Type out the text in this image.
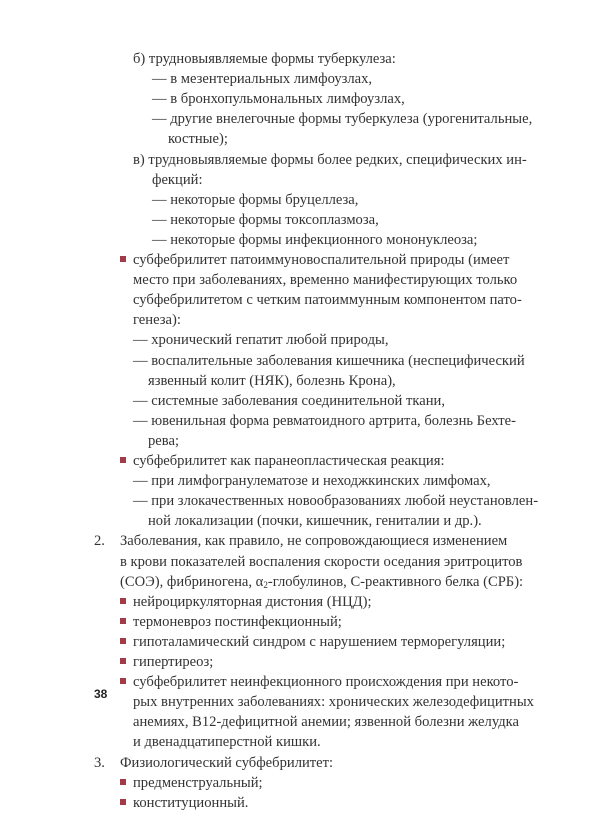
б) трудновыявляемые формы туберкулеза:
— в мезентериальных лимфоузлах,
— в бронхопульмональных лимфоузлах,
— другие внелегочные формы туберкулеза (урогенитальные,
костные);
в) трудновыявляемые формы более редких, специфических ин-
фекций:
— некоторые формы бруцеллеза,
— некоторые формы токсоплазмоза,
— некоторые формы инфекционного мононуклеоза;
субфебрилитет патоиммуновоспалительной природы (имеет
место при заболеваниях, временно манифестирующих только
субфебрилитетом с четким патоиммунным компонентом пато-
генеза):
— хронический гепатит любой природы,
— воспалительные заболевания кишечника (неспецифический
язвенный колит (НЯК), болезнь Крона),
— системные заболевания соединительной ткани,
— ювенильная форма ревматоидного артрита, болезнь Бехте-
рева;
субфебрилитет как паранеопластическая реакция:
— при лимфогранулематозе и неходжкинских лимфомах,
— при злокачественных новообразованиях любой неустановлен-
ной локализации (почки, кишечник, гениталии и др.).
2. Заболевания, как правило, не сопровождающиеся изменением
в крови показателей воспаления скорости оседания эритроцитов
(СОЭ), фибриногена, $\alpha_2$-глобулинов, С-реактивного белка (СРБ):
нейроциркуляторная дистония (НЦД);
термоневроз постинфекционный;
гипоталамический синдром с нарушением терморегуляции;
гипертиреоз;
субфебрилитет неинфекционного происхождения при некото-
рых внутренних заболеваниях: хронических железодефицитных
анемиях, В12-дефицитной анемии; язвенной болезни желудка
и двенадцатиперстной кишки.
3. Физиологический субфебрилитет:
предменструальный;
конституционный.
38
